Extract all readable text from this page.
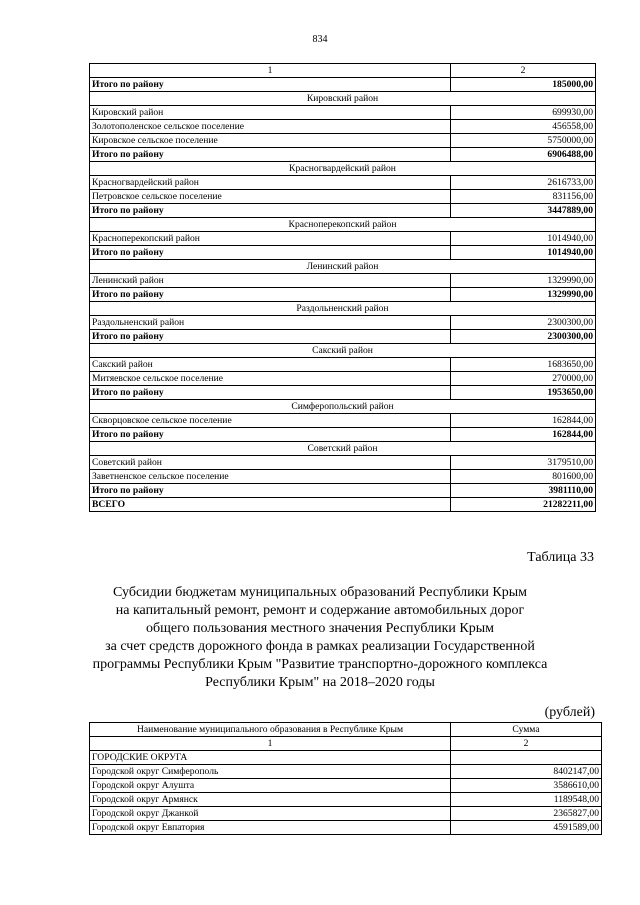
834
1	2
Итого по району	185000,00
Кировский район	
Кировский район	699930,00
Золотополенское сельское поселение	456558,00
Кировское сельское поселение	5750000,00
Итого по району	6906488,00
Красногвардейский район	
Красногвардейский район	2616733,00
Петровское сельское поселение	831156,00
Итого по району	3447889,00
Красноперекопский район	
Красноперекопский район	1014940,00
Итого по району	1014940,00
Ленинский район	
Ленинский район	1329990,00
Итого по району	1329990,00
Раздольненский район	
Раздольненский район	2300300,00
Итого по району	2300300,00
Сакский район	
Сакский район	1683650,00
Митяевское сельское поселение	270000,00
Итого по району	1953650,00
Симферопольский район	
Скворцовское сельское поселение	162844,00
Итого по району	162844,00
Советский район	
Советский район	3179510,00
Заветненское сельское поселение	801600,00
Итого по району	3981110,00
ВСЕГО	21282211,00
Таблица 33
Субсидии бюджетам муниципальных образований Республики Крым
на капитальный ремонт, ремонт и содержание автомобильных дорог
общего пользования местного значения Республики Крым
за счет средств дорожного фонда в рамках реализации Государственной
программы Республики Крым "Развитие транспортно-дорожного комплекса
Республики Крым" на 2018–2020 годы
(рублей)
Наименование муниципального образования в Республике Крым	Сумма
1	2
ГОРОДСКИЕ ОКРУГА	
Городской округ Симферополь	8402147,00
Городской округ Алушта	3586610,00
Городской округ Армянск	1189548,00
Городской округ Джанкой	2365827,00
Городской округ Евпатория	4591589,00
